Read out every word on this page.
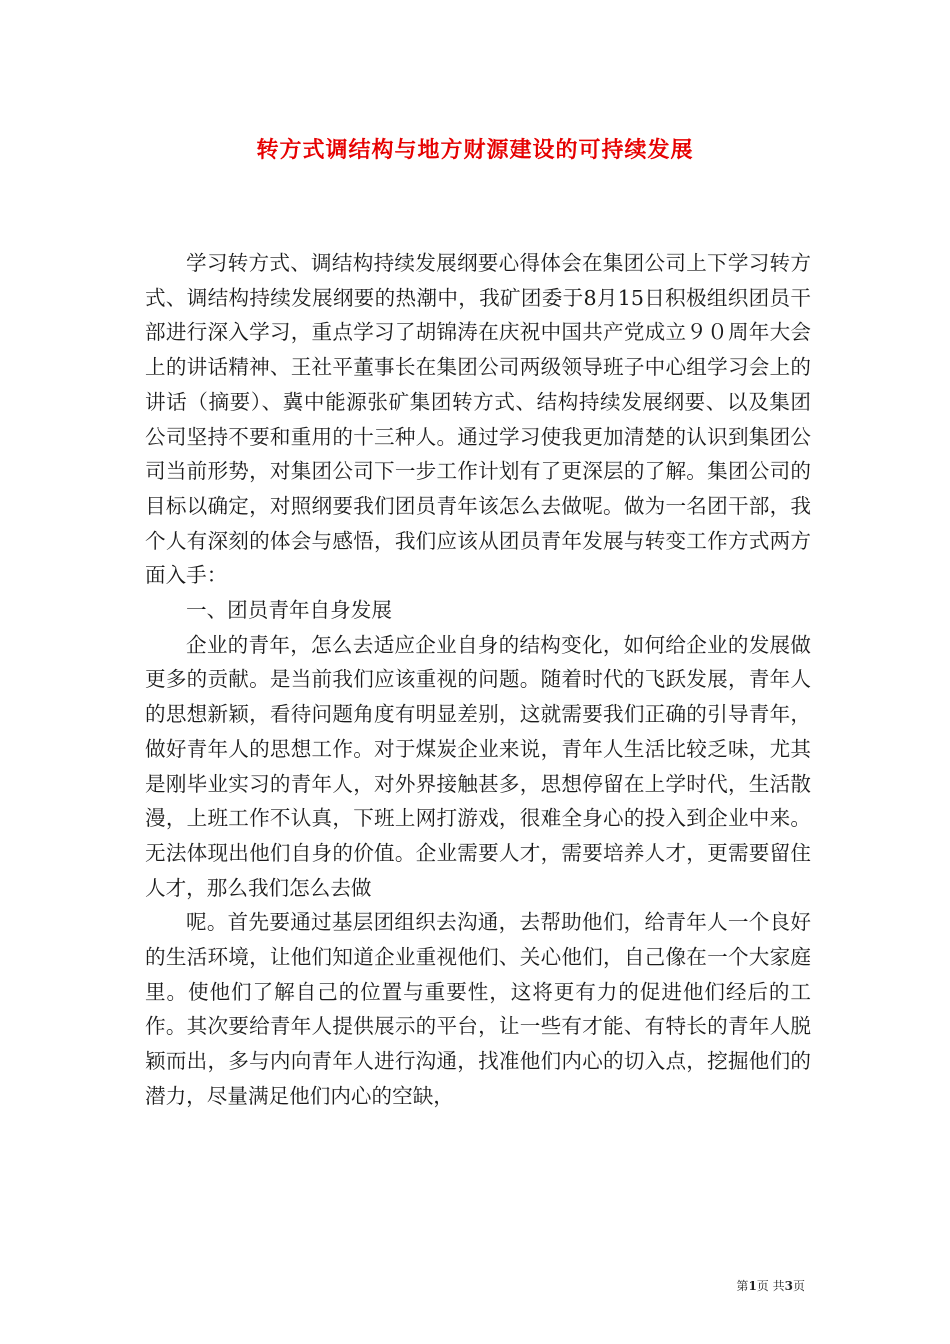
转方式调结构与地方财源建设的可持续发展

学习转方式、调结构持续发展纲要心得体会在集团公司上下学习转方式、调结构持续发展纲要的热潮中，我矿团委于8月15日积极组织团员干部进行深入学习，重点学习了胡锦涛在庆祝中国共产党成立９０周年大会上的讲话精神、王社平董事长在集团公司两级领导班子中心组学习会上的讲话（摘要）、冀中能源张矿集团转方式、结构持续发展纲要、以及集团公司坚持不要和重用的十三种人。通过学习使我更加清楚的认识到集团公司当前形势，对集团公司下一步工作计划有了更深层的了解。集团公司的目标以确定，对照纲要我们团员青年该怎么去做呢。做为一名团干部，我个人有深刻的体会与感悟，我们应该从团员青年发展与转变工作方式两方面入手：

一、团员青年自身发展

企业的青年，怎么去适应企业自身的结构变化，如何给企业的发展做更多的贡献。是当前我们应该重视的问题。随着时代的飞跃发展，青年人的思想新颖，看待问题角度有明显差别，这就需要我们正确的引导青年，做好青年人的思想工作。对于煤炭企业来说，青年人生活比较乏味，尤其是刚毕业实习的青年人，对外界接触甚多，思想停留在上学时代，生活散漫，上班工作不认真，下班上网打游戏，很难全身心的投入到企业中来。无法体现出他们自身的价值。企业需要人才，需要培养人才，更需要留住人才，那么我们怎么去做

呢。首先要通过基层团组织去沟通，去帮助他们，给青年人一个良好的生活环境，让他们知道企业重视他们、关心他们，自己像在一个大家庭里。使他们了解自己的位置与重要性，这将更有力的促进他们经后的工作。其次要给青年人提供展示的平台，让一些有才能、有特长的青年人脱颖而出，多与内向青年人进行沟通，找准他们内心的切入点，挖掘他们的潜力，尽量满足他们内心的空缺，

第1页 共3页
